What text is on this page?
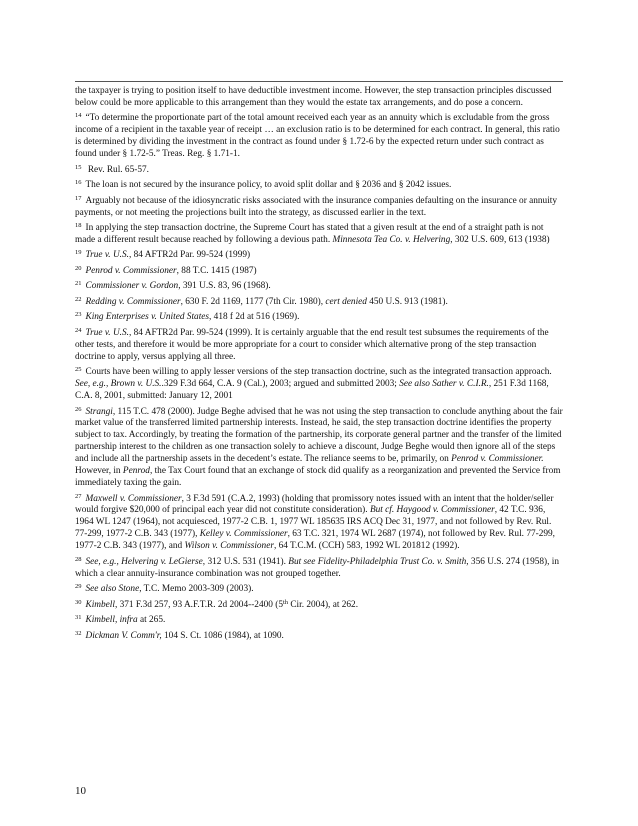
the taxpayer is trying to position itself to have deductible investment income. However, the step transaction principles discussed below could be more applicable to this arrangement than they would the estate tax arrangements, and do pose a concern.
$^{14}$ “To determine the proportionate part of the total amount received each year as an annuity which is excludable from the gross income of a recipient in the taxable year of receipt … an exclusion ratio is to be determined for each contract. In general, this ratio is determined by dividing the investment in the contract as found under § 1.72-6 by the expected return under such contract as found under § 1.72-5.” Treas. Reg. § 1.71-1.
$^{15}$ Rev. Rul. 65-57.
$^{16}$ The loan is not secured by the insurance policy, to avoid split dollar and § 2036 and § 2042 issues.
$^{17}$ Arguably not because of the idiosyncratic risks associated with the insurance companies defaulting on the insurance or annuity payments, or not meeting the projections built into the strategy, as discussed earlier in the text.
$^{18}$ In applying the step transaction doctrine, the Supreme Court has stated that a given result at the end of a straight path is not made a different result because reached by following a devious path. Minnesota Tea Co. v. Helvering, 302 U.S. 609, 613 (1938)
$^{19}$ True v. U.S., 84 AFTR2d Par. 99-524 (1999)
$^{20}$ Penrod v. Commissioner, 88 T.C. 1415 (1987)
$^{21}$ Commissioner v. Gordon, 391 U.S. 83, 96 (1968).
$^{22}$ Redding v. Commissioner, 630 F. 2d 1169, 1177 (7th Cir. 1980), cert denied 450 U.S. 913 (1981).
$^{23}$ King Enterprises v. United States, 418 f 2d at 516 (1969).
$^{24}$ True v. U.S., 84 AFTR2d Par. 99-524 (1999). It is certainly arguable that the end result test subsumes the requirements of the other tests, and therefore it would be more appropriate for a court to consider which alternative prong of the step transaction doctrine to apply, versus applying all three.
$^{25}$ Courts have been willing to apply lesser versions of the step transaction doctrine, such as the integrated transaction approach. See, e.g., Brown v. U.S..329 F.3d 664, C.A. 9 (Cal.), 2003; argued and submitted 2003; See also Sather v. C.I.R., 251 F.3d 1168, C.A. 8, 2001, submitted: January 12, 2001
$^{26}$ Strangi, 115 T.C. 478 (2000). Judge Beghe advised that he was not using the step transaction to conclude anything about the fair market value of the transferred limited partnership interests. Instead, he said, the step transaction doctrine identifies the property subject to tax. Accordingly, by treating the formation of the partnership, its corporate general partner and the transfer of the limited partnership interest to the children as one transaction solely to achieve a discount, Judge Beghe would then ignore all of the steps and include all the partnership assets in the decedent’s estate. The reliance seems to be, primarily, on Penrod v. Commissioner. However, in Penrod, the Tax Court found that an exchange of stock did qualify as a reorganization and prevented the Service from immediately taxing the gain.
$^{27}$ Maxwell v. Commissioner, 3 F.3d 591 (C.A.2, 1993) (holding that promissory notes issued with an intent that the holder/seller would forgive $20,000 of principal each year did not constitute consideration). But cf. Haygood v. Commissioner, 42 T.C. 936, 1964 WL 1247 (1964), not acquiesced, 1977-2 C.B. 1, 1977 WL 185635 IRS ACQ Dec 31, 1977, and not followed by Rev. Rul. 77-299, 1977-2 C.B. 343 (1977), Kelley v. Commissioner, 63 T.C. 321, 1974 WL 2687 (1974), not followed by Rev. Rul. 77-299, 1977-2 C.B. 343 (1977), and Wilson v. Commissioner, 64 T.C.M. (CCH) 583, 1992 WL 201812 (1992).
$^{28}$ See, e.g., Helvering v. LeGierse, 312 U.S. 531 (1941). But see Fidelity-Philadelphia Trust Co. v. Smith, 356 U.S. 274 (1958), in which a clear annuity-insurance combination was not grouped together.
$^{29}$ See also Stone, T.C. Memo 2003-309 (2003).
$^{30}$ Kimbell, 371 F.3d 257, 93 A.F.T.R. 2d 2004--2400 (5th Cir. 2004), at 262.
$^{31}$ Kimbell, infra at 265.
$^{32}$ Dickman V. Comm'r, 104 S. Ct. 1086 (1984), at 1090.
10
